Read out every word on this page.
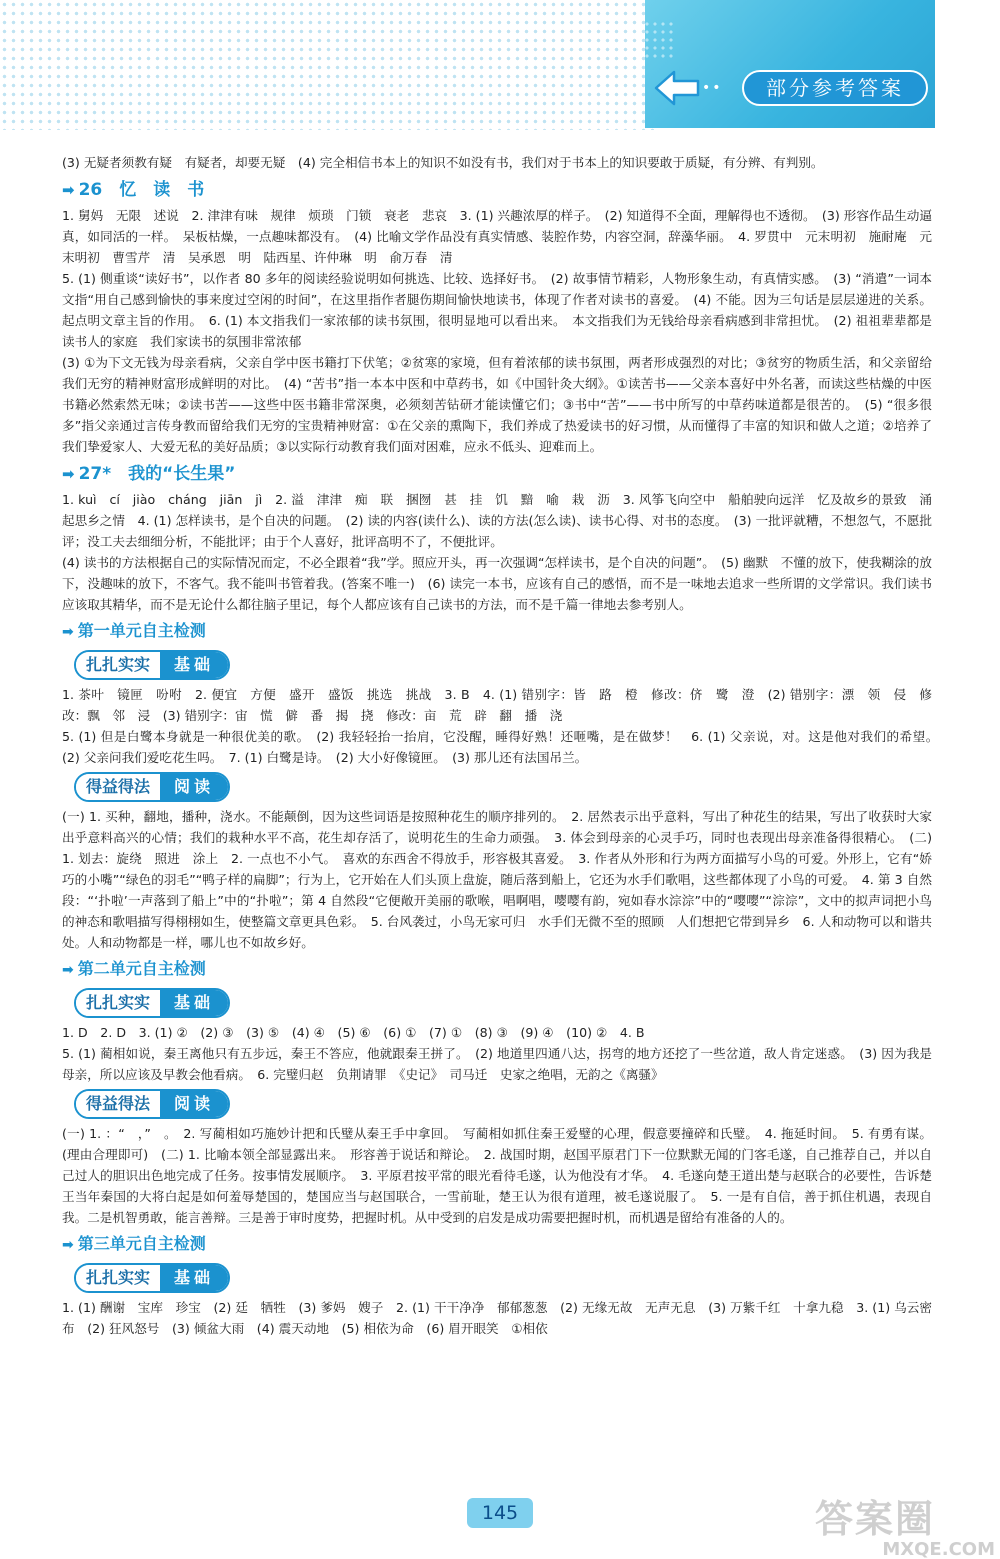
••	部分参考答案

(3) 无疑者须教有疑　有疑者，却要无疑　(4) 完全相信书本上的知识不如没有书，我们对于书本上的知识要敢于质疑，有分辨、有判别。

➡ 26　忆　读　书

1. 舅妈　无限　述说　2. 津津有味　规律　烦琐　门锁　衰老　悲哀　3. (1) 兴趣浓厚的样子。　(2) 知道得不全面，理解得也不透彻。　(3) 形容作品生动逼真，如同活的一样。　呆板枯燥，一点趣味都没有。　(4) 比喻文学作品没有真实情感、装腔作势，内容空洞，辞藻华丽。　4. 罗贯中　元末明初　施耐庵　元末明初　曹雪芹　清　吴承恩　明　陆西星、许仲琳　明　俞万春　清

5. (1) 侧重谈“读好书”，以作者 80 多年的阅读经验说明如何挑选、比较、选择好书。　(2) 故事情节精彩，人物形象生动，有真情实感。　(3) “消遣”一词本文指“用自己感到愉快的事来度过空闲的时间”，在这里指作者腿伤期间愉快地读书，体现了作者对读书的喜爱。　(4) 不能。因为三句话是层层递进的关系。起点明文章主旨的作用。　6. (1) 本文指我们一家浓郁的读书氛围，很明显地可以看出来。　本文指我们为无钱给母亲看病感到非常担忧。　(2) 祖祖辈辈都是读书人的家庭　我们家读书的氛围非常浓郁

(3) ①为下文无钱为母亲看病，父亲自学中医书籍打下伏笔；②贫寒的家境，但有着浓郁的读书氛围，两者形成强烈的对比；③贫穷的物质生活，和父亲留给我们无穷的精神财富形成鲜明的对比。　(4) “苦书”指一本本中医和中草药书，如《中国针灸大纲》。①读苦书——父亲本喜好中外名著，而读这些枯燥的中医书籍必然索然无味；②读书苦——这些中医书籍非常深奥，必须刻苦钻研才能读懂它们；③书中“苦”——书中所写的中草药味道都是很苦的。　(5) “很多很多”指父亲通过言传身教而留给我们无穷的宝贵精神财富：①在父亲的熏陶下，我们养成了热爱读书的好习惯，从而懂得了丰富的知识和做人之道；②培养了我们挚爱家人、大爱无私的美好品质；③以实际行动教育我们面对困难，应永不低头、迎难而上。

➡ 27*　我的“长生果”

1. kuì　cí　jiào　cháng　jiān　jì　2. 溢　津津　痴　联　捆囫　甚　挂　饥　黯　喻　栽　沥　3. 风筝飞向空中　船舶驶向远洋　忆及故乡的景致　涌起思乡之情　4. (1) 怎样读书，是个自决的问题。　(2) 读的内容(读什么)、读的方法(怎么读)、读书心得、对书的态度。　(3) 一批评就糟，不想忽气，不愿批评；没工夫去细细分析，不能批评；由于个人喜好，批评高明不了，不便批评。

(4) 读书的方法根据自己的实际情况而定，不必全跟着“我”学。照应开头，再一次强调“怎样读书，是个自决的问题”。　(5) 幽默　不懂的放下，使我糊涂的放下，没趣味的放下，不客气。我不能叫书管着我。(答案不唯一)　(6) 读完一本书，应该有自己的感悟，而不是一味地去追求一些所谓的文学常识。我们读书应该取其精华，而不是无论什么都往脑子里记，每个人都应该有自己读书的方法，而不是千篇一律地去参考别人。

➡ 第一单元自主检测
扎扎实实	基础

1. 茶叶　镜匣　吩咐　2. 便宜　方便　盛开　盛饭　挑选　挑战　3. B　4. (1) 错别字：皆　路　橙　修改：侪　鹭　澄　(2) 错别字：漂　领　侵　修改：飘　邻　浸　(3) 错别字：宙　慌　僻　番　揭　挠　修改：亩　荒　辟　翻　播　浇

5. (1) 但是白鹭本身就是一种很优美的歌。　(2) 我轻轻抬一抬肩，它没醒，睡得好熟！还咂嘴，是在做梦！　6. (1) 父亲说，对。这是他对我们的希望。　(2) 父亲问我们爱吃花生吗。　7. (1) 白鹭是诗。　(2) 大小好像镜匣。　(3) 那儿还有法国吊兰。

得益得法	阅读

(一) 1. 买种，翻地，播种，浇水。不能颠倒，因为这些词语是按照种花生的顺序排列的。　2. 居然表示出乎意料，写出了种花生的结果，写出了收获时大家出乎意料高兴的心情；我们的栽种水平不高，花生却存活了，说明花生的生命力顽强。　3. 体会到母亲的心灵手巧，同时也表现出母亲准备得很精心。　(二) 1. 划去：旋绕　照进　涂上　2. 一点也不小气。　喜欢的东西舍不得放手，形容极其喜爱。　3. 作者从外形和行为两方面描写小鸟的可爱。外形上，它有“娇巧的小嘴”“绿色的羽毛”“鸭子样的扁脚”；行为上，它开始在人们头顶上盘旋，随后落到船上，它还为水手们歌唱，这些都体现了小鸟的可爱。　4. 第 3 自然段：“‘扑啦’一声落到了船上”中的“扑啦”；第 4 自然段“它便敞开美丽的歌喉，唱啊唱，嘤嘤有韵，宛如春水淙淙”中的“嘤嘤”“淙淙”，文中的拟声词把小鸟的神态和歌唱描写得栩栩如生，使整篇文章更具色彩。　5. 台风袭过，小鸟无家可归　水手们无微不至的照顾　人们想把它带到异乡　6. 人和动物可以和谐共处。人和动物都是一样，哪儿也不如故乡好。

➡ 第二单元自主检测
扎扎实实	基础

1. D　2. D　3. (1) ②　(2) ③　(3) ⑤　(4) ④　(5) ⑥　(6) ①　(7) ①　(8) ③　(9) ④　(10) ②　4. B

5. (1) 蔺相如说，秦王离他只有五步远，秦王不答应，他就跟秦王拼了。　(2) 地道里四通八达，拐弯的地方还挖了一些岔道，敌人肯定迷惑。　(3) 因为我是母亲，所以应该及早教会他看病。　6. 完璧归赵　负荆请罪　《史记》　司马迁　史家之绝唱，无韵之《离骚》

得益得法	阅读

(一) 1. ：“　，”　。　2. 写蔺相如巧施妙计把和氏璧从秦王手中拿回。　写蔺相如抓住秦王爱璧的心理，假意要撞碎和氏璧。　4. 拖延时间。　5. 有勇有谋。(理由合理即可)　(二) 1. 比喻本领全部显露出来。　形容善于说话和辩论。　2. 战国时期，赵国平原君门下一位默默无闻的门客毛遂，自己推荐自己，并以自己过人的胆识出色地完成了任务。按事情发展顺序。　3. 平原君按平常的眼光看待毛遂，认为他没有才华。　4. 毛遂向楚王道出楚与赵联合的必要性，告诉楚王当年秦国的大将白起是如何羞辱楚国的，楚国应当与赵国联合，一雪前耻，楚王认为很有道理，被毛遂说服了。　5. 一是有自信，善于抓住机遇，表现自我。二是机智勇敢，能言善辩。三是善于审时度势，把握时机。从中受到的启发是成功需要把握时机，而机遇是留给有准备的人的。

➡ 第三单元自主检测
扎扎实实	基础

1. (1) 酬谢　宝库　珍宝　(2) 廷　牺牲　(3) 爹妈　嫂子　2. (1) 干干净净　郁郁葱葱　(2) 无缘无故　无声无息　(3) 万紫千红　十拿九稳　3. (1) 乌云密布　(2) 狂风怒号　(3) 倾盆大雨　(4) 震天动地　(5) 相依为命　(6) 眉开眼笑　①相依

145	答案圈
MXQE.COM
